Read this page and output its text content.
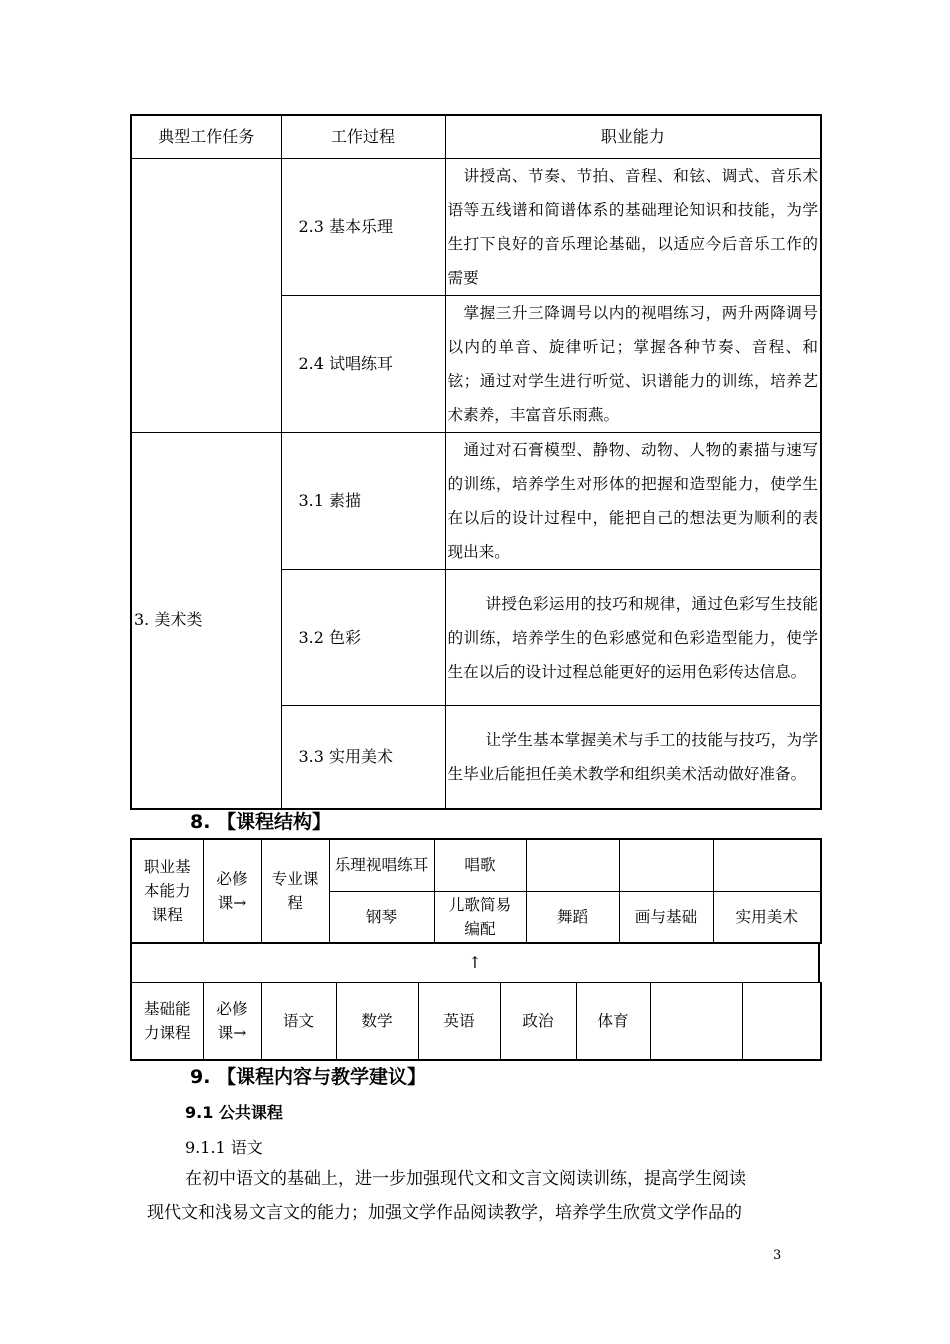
典型工作任务	工作过程	职业能力
	2.3 基本乐理	讲授高、节奏、节拍、音程、和铉、调式、音乐术语等五线谱和简谱体系的基础理论知识和技能，为学生打下良好的音乐理论基础，以适应今后音乐工作的需要
	2.4 试唱练耳	掌握三升三降调号以内的视唱练习，两升两降调号以内的单音、旋律听记；掌握各种节奏、音程、和铉；通过对学生进行听觉、识谱能力的训练，培养艺术素养，丰富音乐雨燕。
3. 美术类	3.1 素描	通过对石膏模型、静物、动物、人物的素描与速写的训练，培养学生对形体的把握和造型能力，使学生在以后的设计过程中，能把自己的想法更为顺利的表现出来。
	3.2 色彩	讲授色彩运用的技巧和规律，通过色彩写生技能的训练，培养学生的色彩感觉和色彩造型能力，使学生在以后的设计过程总能更好的运用色彩传达信息。
	3.3 实用美术	让学生基本掌握美术与手工的技能与技巧，为学生毕业后能担任美术教学和组织美术活动做好准备。
8. 【课程结构】
职业基本能力课程	必修课→	专业课程	乐理视唱练耳	唱歌			
			钢琴	儿歌简易编配	舞蹈	画与基础	实用美术
↑
基础能力课程	必修课→	语文	数学	英语	政治	体育		
9. 【课程内容与教学建议】
9.1 公共课程
9.1.1 语文
在初中语文的基础上，进一步加强现代文和文言文阅读训练，提高学生阅读
现代文和浅易文言文的能力；加强文学作品阅读教学，培养学生欣赏文学作品的
3
